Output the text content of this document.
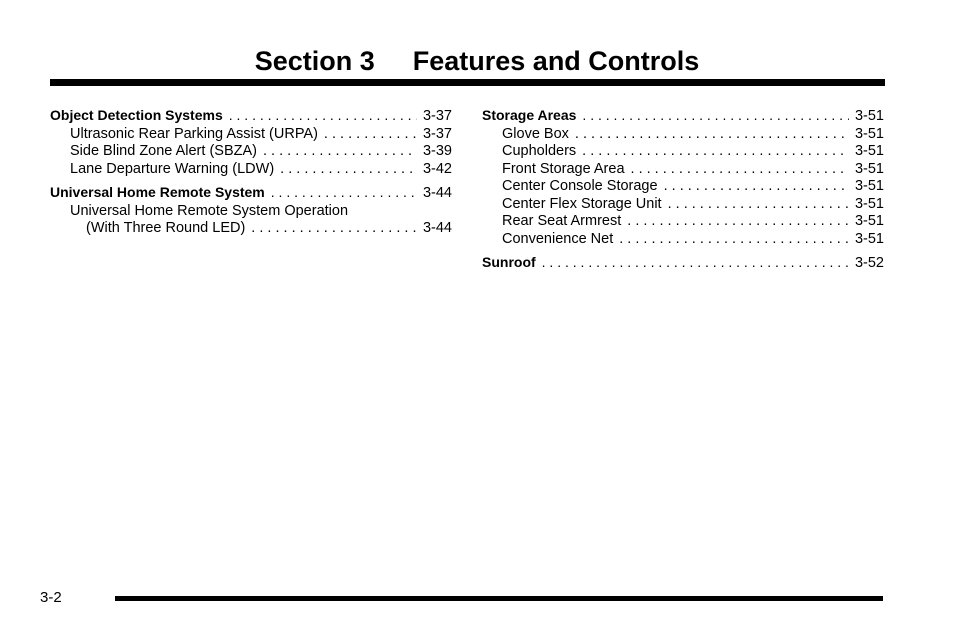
Section 3 Features and Controls
Object Detection Systems . . .	3-37
Ultrasonic Rear Parking Assist (URPA) . . .	3-37
Side Blind Zone Alert (SBZA) . . .	3-39
Lane Departure Warning (LDW) . . .	3-42
Universal Home Remote System . . .	3-44
Universal Home Remote System Operation
(With Three Round LED) . . .	3-44
Storage Areas . . .	3-51
Glove Box . . .	3-51
Cupholders . . .	3-51
Front Storage Area . . .	3-51
Center Console Storage . . .	3-51
Center Flex Storage Unit . . .	3-51
Rear Seat Armrest . . .	3-51
Convenience Net . . .	3-51
Sunroof . . .	3-52
3-2
